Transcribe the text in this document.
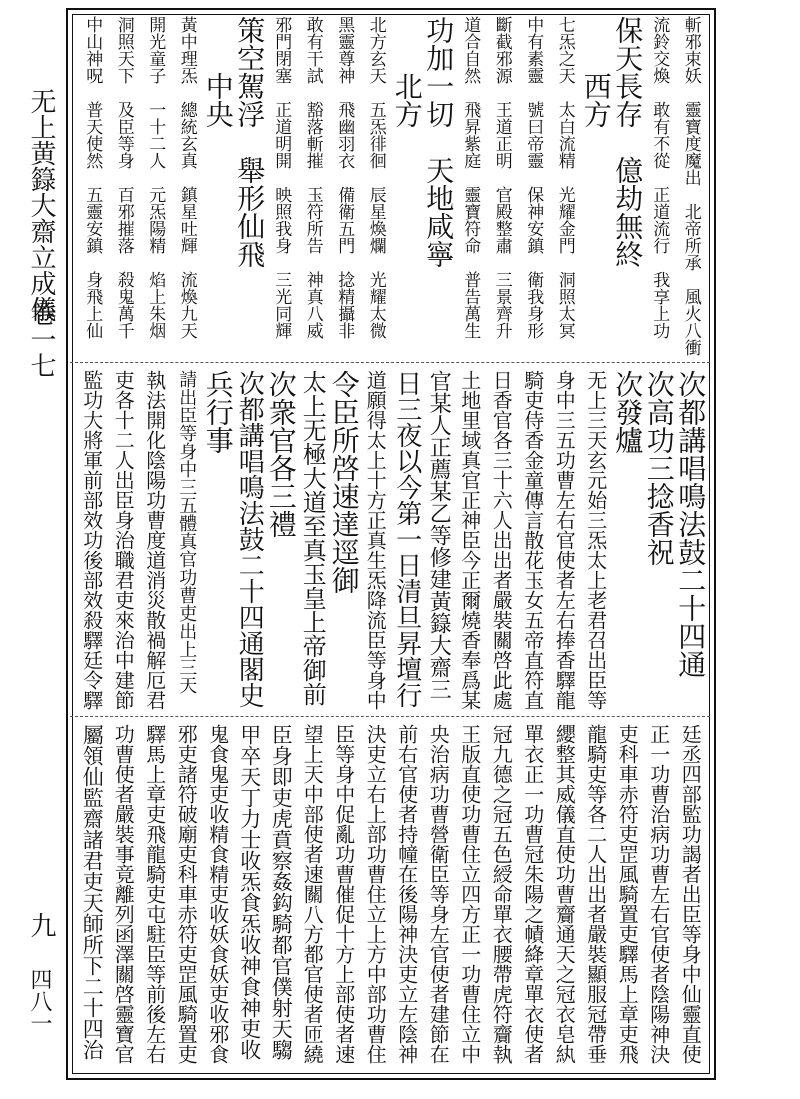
无上黄籙大齋立成儀
卷一七
九
四八一
斬邪束妖　靈寶度魔出　北帝所承　風火八衝
流鈴交煥　敢有不從　正道流行　我享上功
保天長存　億劫無終
　　西方
七炁之天　太白流精　光耀金門　洞照太冥
中有素靈　號曰帝靈　保神安鎮　衛我身形
斷截邪源　王道正明　官殿整肅　三景齊升
道合自然　飛昇紫庭　靈寶符命　普告萬生
功加一切　天地咸寧
　　北方
北方玄天　五炁徘徊　辰星煥爛　光耀太微
黑靈尊神　飛幽羽衣　備衛五門　捻精攝非
敢有干試　豁落斬摧　玉符所告　神真八威
邪門閉塞　正道明開　映照我身　三光同輝
策空駕浮　舉形仙飛
　　中央
黃中理炁　總統玄真　鎮星吐輝　流煥九天
開光童子　一十二人　元炁陽精　焰上朱烟
洞照天下　及臣等身　百邪摧落　殺鬼萬千
中山神呪　普天使然　五靈安鎮　身飛上仙
次都講唱鳴法鼓二十四通
次高功三捻香祝
次發爐
无上三天玄元始三炁太上老君召出臣等
身中三五功曹左右官使者左右捧香驛龍
騎吏侍香金童傳言散花玉女五帝直符直
日香官各三十六人出出者嚴裝關啓此處
土地里域真官正神臣今正爾燒香奉爲某
官某人正薦某乙等修建黃籙大齋三
日三夜以今第一日清旦昇壇行
道願得太上十方正真生炁降流臣等身中
令臣所啓速達逕御
太上无極大道至真玉皇上帝御前
次衆官各三禮
次都講唱鳴法鼓二十四通閣史
兵行事
請出臣等身中三五體真官功曹吏出上三天
執法開化陰陽功曹度道消災散禍解厄君
吏各十二人出臣身治職君吏來治中建節
監功大將軍前部效功後部效殺驛廷令驛
廷丞四部監功謁者出臣等身中仙靈直使
正一功曹治病功曹左右官使者陰陽神決
吏科車赤符吏罡風騎置吏驛馬上章吏飛
龍騎吏等各二人出出者嚴裝顯服冠帶垂
纓整其威儀直使功曹齎通天之冠衣皂紈
單衣正一功曹冠朱陽之幘絳章單衣使者
冠九德之冠五色綬命單衣腰帶虎符齎執
王版直使功曹住立四方正一功曹住立中
央治病功曹營衛臣等身左官使者建節在
前右官使者持幢在後陽神決吏立左陰神
決吏立右上部功曹住立上方中部功曹住
臣等身中促亂功曹催促十方上部使者速
望上天中部使者速關八方都官使者匝繞
臣身即吏虎賁察姦鈎騎都官僕射天騶
甲卒天丁力士收炁食炁收神食神吏收
鬼食鬼吏收精食精吏收妖食妖吏收邪食
邪吏諸符破廟吏科車赤符吏罡風騎置吏
驛馬上章吏飛龍騎吏屯駐臣等前後左右
功曹使者嚴裝事竟離列函澤關啓靈寶官
屬領仙監齋諸君吏天師所下二十四治
